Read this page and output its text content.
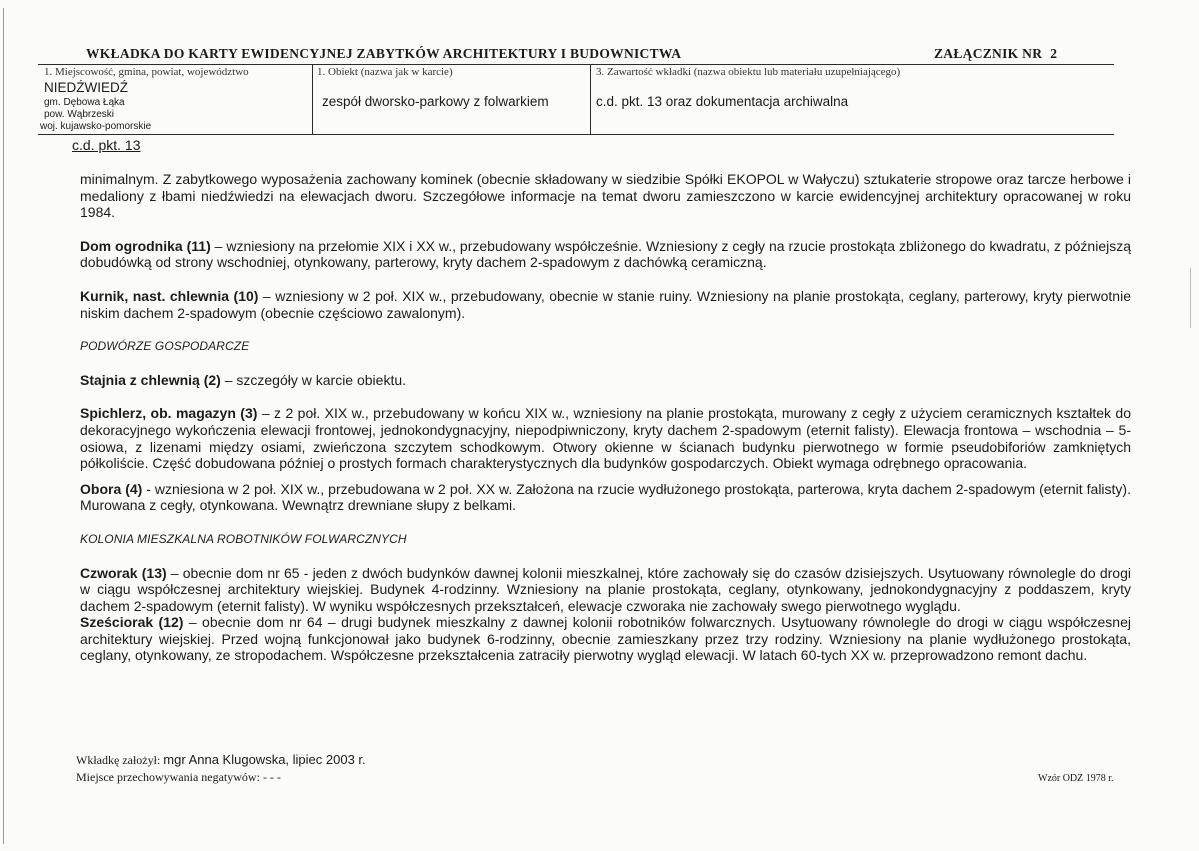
WKŁADKA DO KARTY EWIDENCYJNEJ ZABYTKÓW ARCHITEKTURY I BUDOWNICTWA	ZAŁĄCZNIK NR 2
1. Miejscowość, gmina, powiat, województwo
NIEDŹWIEDŹ
gm. Dębowa Łąka
pow. Wąbrzeski
woj. kujawsko-pomorskie
1. Obiekt (nazwa jak w karcie)
zespół dworsko-parkowy z folwarkiem
3. Zawartość wkładki (nazwa obiektu lub materiału uzupełniającego)
c.d. pkt. 13 oraz dokumentacja archiwalna
c.d. pkt. 13

minimalnym. Z zabytkowego wyposażenia zachowany kominek (obecnie składowany w siedzibie Spółki EKOPOL w Wałyczu) sztukaterie stropowe oraz tarcze herbowe i medaliony z łbami niedźwiedzi na elewacjach dworu. Szczegółowe informacje na temat dworu zamieszczono w karcie ewidencyjnej architektury opracowanej w roku 1984.

Dom ogrodnika (11) – wzniesiony na przełomie XIX i XX w., przebudowany współcześnie. Wzniesiony z cegły na rzucie prostokąta zbliżonego do kwadratu, z późniejszą dobudówką od strony wschodniej, otynkowany, parterowy, kryty dachem 2-spadowym z dachówką ceramiczną.

Kurnik, nast. chlewnia (10) – wzniesiony w 2 poł. XIX w., przebudowany, obecnie w stanie ruiny. Wzniesiony na planie prostokąta, ceglany, parterowy, kryty pierwotnie niskim dachem 2-spadowym (obecnie częściowo zawalonym).

PODWÓRZE GOSPODARCZE

Stajnia z chlewnią (2) – szczegóły w karcie obiektu.

Spichlerz, ob. magazyn (3) – z 2 poł. XIX w., przebudowany w końcu XIX w., wzniesiony na planie prostokąta, murowany z cegły z użyciem ceramicznych kształtek do dekoracyjnego wykończenia elewacji frontowej, jednokondygnacyjny, niepodpiwniczony, kryty dachem 2-spadowym (eternit falisty). Elewacja frontowa – wschodnia – 5-osiowa, z lizenami między osiami, zwieńczona szczytem schodkowym. Otwory okienne w ścianach budynku pierwotnego w formie pseudobiforiów zamkniętych półkoliście. Część dobudowana później o prostych formach charakterystycznych dla budynków gospodarczych. Obiekt wymaga odrębnego opracowania.

Obora (4) - wzniesiona w 2 poł. XIX w., przebudowana w 2 poł. XX w. Założona na rzucie wydłużonego prostokąta, parterowa, kryta dachem 2-spadowym (eternit falisty). Murowana z cegły, otynkowana. Wewnątrz drewniane słupy z belkami.

KOLONIA MIESZKALNA ROBOTNIKÓW FOLWARCZNYCH

Czworak (13) – obecnie dom nr 65 - jeden z dwóch budynków dawnej kolonii mieszkalnej, które zachowały się do czasów dzisiejszych. Usytuowany równolegle do drogi w ciągu współczesnej architektury wiejskiej. Budynek 4-rodzinny. Wzniesiony na planie prostokąta, ceglany, otynkowany, jednokondygnacyjny z poddaszem, kryty dachem 2-spadowym (eternit falisty). W wyniku współczesnych przekształceń, elewacje czworaka nie zachowały swego pierwotnego wyglądu.

Sześciorak (12) – obecnie dom nr 64 – drugi budynek mieszkalny z dawnej kolonii robotników folwarcznych. Usytuowany równolegle do drogi w ciągu współczesnej architektury wiejskiej. Przed wojną funkcjonował jako budynek 6-rodzinny, obecnie zamieszkany przez trzy rodziny. Wzniesiony na planie wydłużonego prostokąta, ceglany, otynkowany, ze stropodachem. Współczesne przekształcenia zatraciły pierwotny wygląd elewacji. W latach 60-tych XX w. przeprowadzono remont dachu.

Wkładkę założył: mgr Anna Klugowska, lipiec 2003 r.
Miejsce przechowywania negatywów: - - -	Wzór ODZ 1978 r.
